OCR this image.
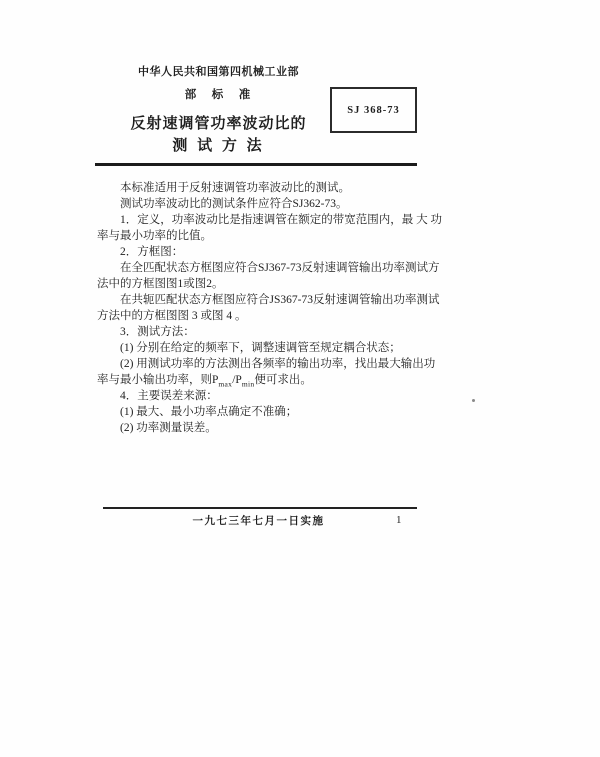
中华人民共和国第四机械工业部
部　标　准
反射速调管功率波动比的
测 试 方 法
SJ 368-73
本标准适用于反射速调管功率波动比的测试。
测试功率波动比的测试条件应符合SJ362-73。
1．定义，功率波动比是指速调管在额定的带宽范围内，最 大 功
率与最小功率的比值。
2．方框图：
在全匹配状态方框图应符合SJ367-73反射速调管输出功率测试方
法中的方框图图1或图2。
在共轭匹配状态方框图应符合JS367-73反射速调管输出功率测试
方法中的方框图图 3 或图 4 。
3．测试方法：
(1) 分别在给定的频率下，调整速调管至规定耦合状态；
(2) 用测试功率的方法测出各频率的输出功率，找出最大输出功
率与最小输出功率，则$P_{max}/P_{min}$便可求出。
4．主要误差来源：
(1) 最大、最小功率点确定不准确；
(2) 功率测量误差。
一九七三年七月一日实施	1
